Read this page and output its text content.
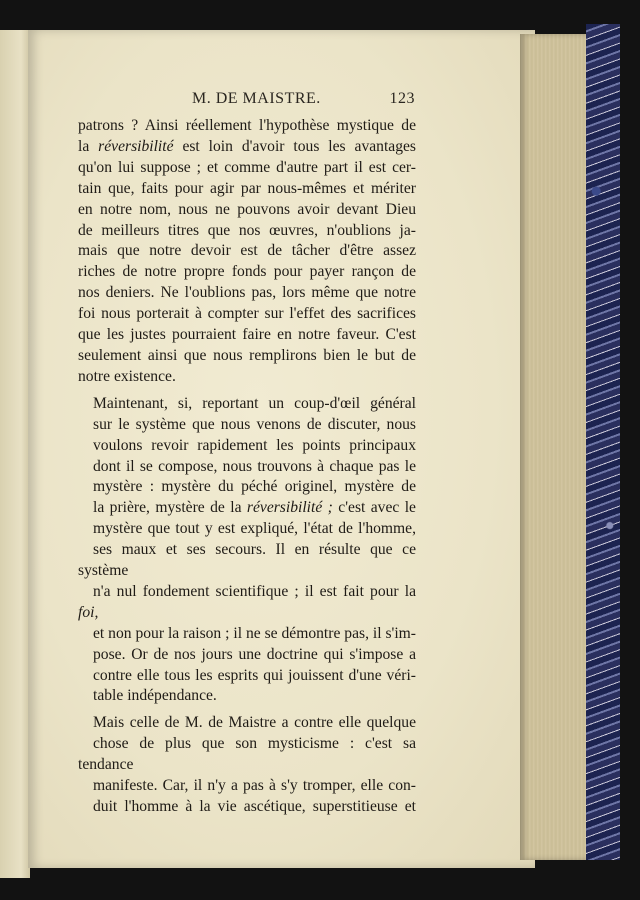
M. DE MAISTRE.	123

patrons ? Ainsi réellement l'hypothèse mystique de
la réversibilité est loin d'avoir tous les avantages
qu'on lui suppose ; et comme d'autre part il est cer-
tain que, faits pour agir par nous-mêmes et mériter
en notre nom, nous ne pouvons avoir devant Dieu
de meilleurs titres que nos œuvres, n'oublions ja-
mais que notre devoir est de tâcher d'être assez
riches de notre propre fonds pour payer rançon de
nos deniers. Ne l'oublions pas, lors même que notre
foi nous porterait à compter sur l'effet des sacrifices
que les justes pourraient faire en notre faveur. C'est
seulement ainsi que nous remplirons bien le but de
notre existence.

Maintenant, si, reportant un coup-d'œil général
sur le système que nous venons de discuter, nous
voulons revoir rapidement les points principaux
dont il se compose, nous trouvons à chaque pas le
mystère : mystère du péché originel, mystère de
la prière, mystère de la réversibilité ; c'est avec le
mystère que tout y est expliqué, l'état de l'homme,
ses maux et ses secours. Il en résulte que ce système
n'a nul fondement scientifique ; il est fait pour la foi,
et non pour la raison ; il ne se démontre pas, il s'im-
pose. Or de nos jours une doctrine qui s'impose a
contre elle tous les esprits qui jouissent d'une véri-
table indépendance.

Mais celle de M. de Maistre a contre elle quelque
chose de plus que son mysticisme : c'est sa tendance
manifeste. Car, il n'y a pas à s'y tromper, elle con-
duit l'homme à la vie ascétique, superstitieuse et
